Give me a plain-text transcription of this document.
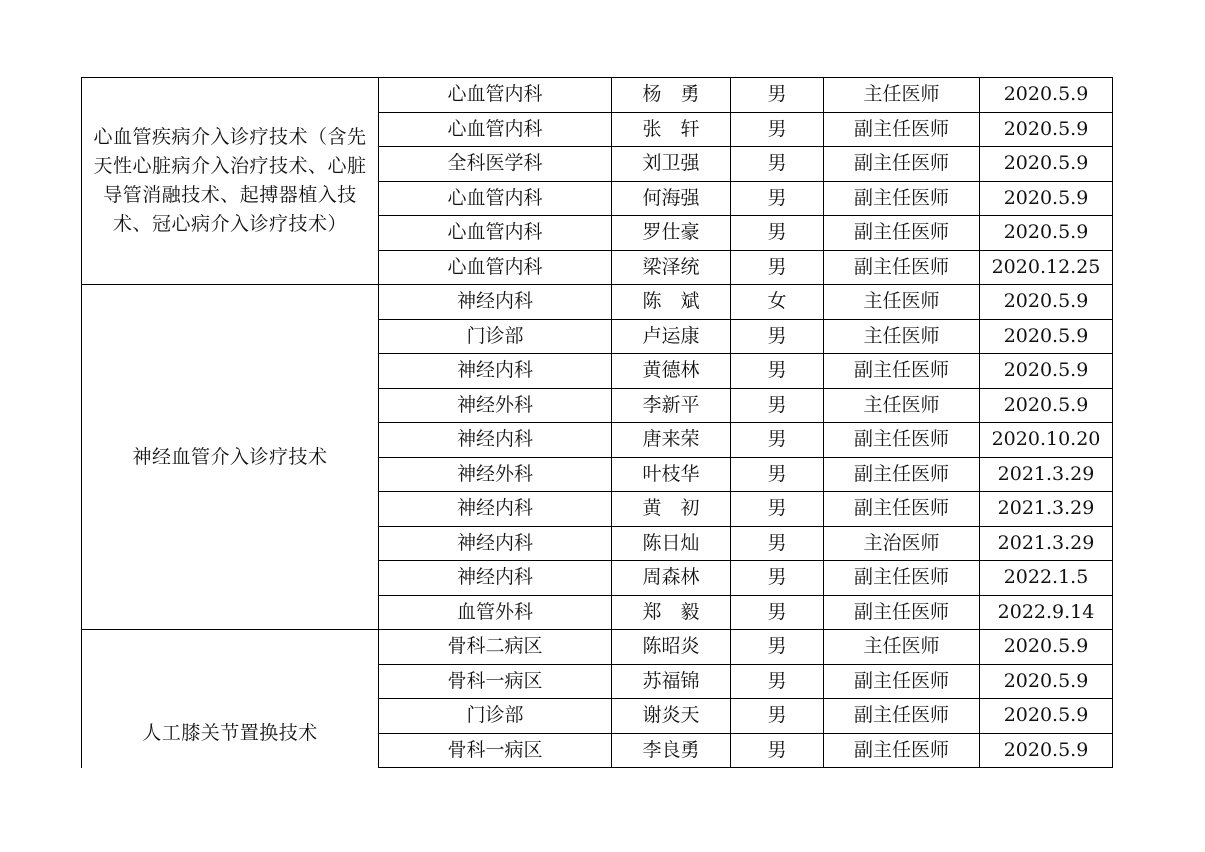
心血管疾病介入诊疗技术（含先天性心脏病介入治疗技术、心脏导管消融技术、起搏器植入技术、冠心病介入诊疗技术）	心血管内科	杨　勇	男	主任医师	2020.5.9
	心血管内科	张　轩	男	副主任医师	2020.5.9
	全科医学科	刘卫强	男	副主任医师	2020.5.9
	心血管内科	何海强	男	副主任医师	2020.5.9
	心血管内科	罗仕豪	男	副主任医师	2020.5.9
	心血管内科	梁泽统	男	副主任医师	2020.12.25
神经血管介入诊疗技术	神经内科	陈　斌	女	主任医师	2020.5.9
	门诊部	卢运康	男	主任医师	2020.5.9
	神经内科	黄德林	男	副主任医师	2020.5.9
	神经外科	李新平	男	主任医师	2020.5.9
	神经内科	唐来荣	男	副主任医师	2020.10.20
	神经外科	叶枝华	男	副主任医师	2021.3.29
	神经内科	黄　初	男	副主任医师	2021.3.29
	神经内科	陈日灿	男	主治医师	2021.3.29
	神经内科	周森林	男	副主任医师	2022.1.5
	血管外科	郑　毅	男	副主任医师	2022.9.14
人工膝关节置换技术	骨科二病区	陈昭炎	男	主任医师	2020.5.9
	骨科一病区	苏福锦	男	副主任医师	2020.5.9
	门诊部	谢炎天	男	副主任医师	2020.5.9
	骨科一病区	李良勇	男	副主任医师	2020.5.9
